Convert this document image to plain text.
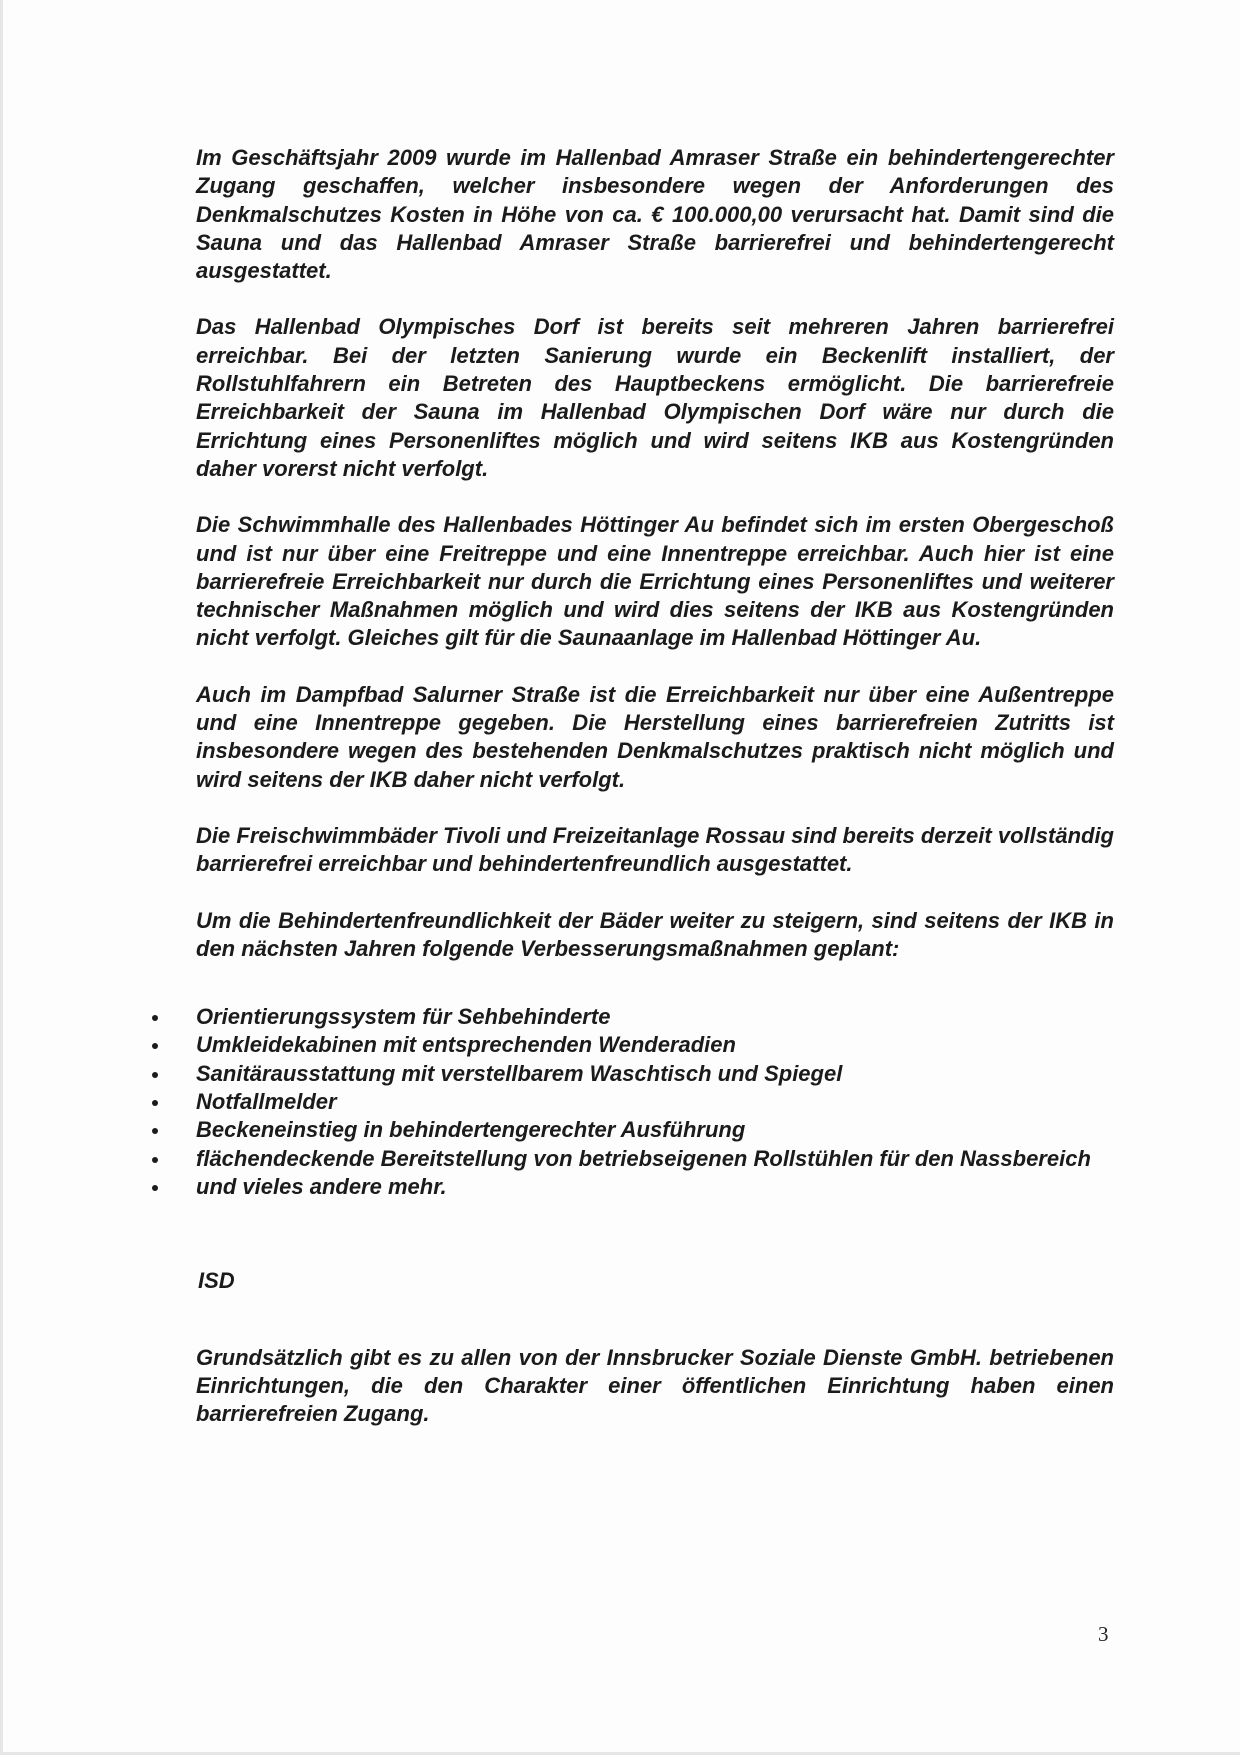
Im Geschäftsjahr 2009 wurde im Hallenbad Amraser Straße ein behindertengerechter Zugang geschaffen, welcher insbesondere wegen der Anforderungen des Denkmalschutzes Kosten in Höhe von ca. € 100.000,00 verursacht hat. Damit sind die Sauna und das Hallenbad Amraser Straße barrierefrei und behindertengerecht ausgestattet.

Das Hallenbad Olympisches Dorf ist bereits seit mehreren Jahren barrierefrei erreichbar. Bei der letzten Sanierung wurde ein Beckenlift installiert, der Rollstuhlfahrern ein Betreten des Hauptbeckens ermöglicht. Die barrierefreie Erreichbarkeit der Sauna im Hallenbad Olympischen Dorf wäre nur durch die Errichtung eines Personenliftes möglich und wird seitens IKB aus Kostengründen daher vorerst nicht verfolgt.

Die Schwimmhalle des Hallenbades Höttinger Au befindet sich im ersten Obergeschoß und ist nur über eine Freitreppe und eine Innentreppe erreichbar. Auch hier ist eine barrierefreie Erreichbarkeit nur durch die Errichtung eines Personenliftes und weiterer technischer Maßnahmen möglich und wird dies seitens der IKB aus Kostengründen nicht verfolgt. Gleiches gilt für die Saunaanlage im Hallenbad Höttinger Au.

Auch im Dampfbad Salurner Straße ist die Erreichbarkeit nur über eine Außentreppe und eine Innentreppe gegeben. Die Herstellung eines barrierefreien Zutritts ist insbesondere wegen des bestehenden Denkmalschutzes praktisch nicht möglich und wird seitens der IKB daher nicht verfolgt.

Die Freischwimmbäder Tivoli und Freizeitanlage Rossau sind bereits derzeit vollständig barrierefrei erreichbar und behindertenfreundlich ausgestattet.

Um die Behindertenfreundlichkeit der Bäder weiter zu steigern, sind seitens der IKB in den nächsten Jahren folgende Verbesserungsmaßnahmen geplant:

Orientierungssystem für Sehbehinderte
Umkleidekabinen mit entsprechenden Wenderadien
Sanitärausstattung mit verstellbarem Waschtisch und Spiegel
Notfallmelder
Beckeneinstieg in behindertengerechter Ausführung
flächendeckende Bereitstellung von betriebseigenen Rollstühlen für den Nassbereich
und vieles andere mehr.

ISD

Grundsätzlich gibt es zu allen von der Innsbrucker Soziale Dienste GmbH. betriebenen Einrichtungen, die den Charakter einer öffentlichen Einrichtung haben einen barrierefreien Zugang.

3
